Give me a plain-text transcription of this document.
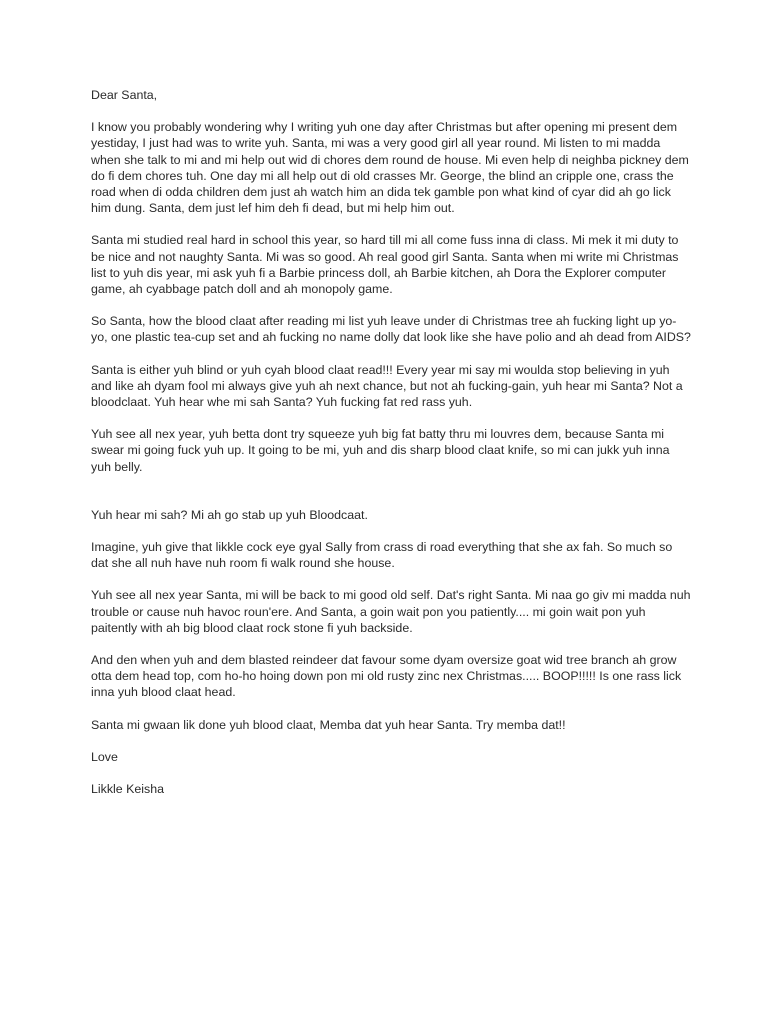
Dear Santa,

I know you probably wondering why I writing yuh one day after Christmas but after opening mi present dem yestiday, I just had was to write yuh. Santa, mi was a very good girl all year round. Mi listen to mi madda when she talk to mi and mi help out wid di chores dem round de house. Mi even help di neighba pickney dem do fi dem chores tuh. One day mi all help out di old crasses Mr. George, the blind an cripple one, crass the road when di odda children dem just ah watch him an dida tek gamble pon what kind of cyar did ah go lick him dung. Santa, dem just lef him deh fi dead, but mi help him out.

Santa mi studied real hard in school this year, so hard till mi all come fuss inna di class. Mi mek it mi duty to be nice and not naughty Santa. Mi was so good. Ah real good girl Santa. Santa when mi write mi Christmas list to yuh dis year, mi ask yuh fi a Barbie princess doll, ah Barbie kitchen, ah Dora the Explorer computer game, ah cyabbage patch doll and ah monopoly game.

So Santa, how the blood claat after reading mi list yuh leave under di Christmas tree ah fucking light up yo-yo, one plastic tea-cup set and ah fucking no name dolly dat look like she have polio and ah dead from AIDS?

Santa is either yuh blind or yuh cyah blood claat read!!! Every year mi say mi woulda stop believing in yuh and like ah dyam fool mi always give yuh ah next chance, but not ah fucking-gain, yuh hear mi Santa? Not a bloodclaat. Yuh hear whe mi sah Santa? Yuh fucking fat red rass yuh.

Yuh see all nex year, yuh betta dont try squeeze yuh big fat batty thru mi louvres dem, because Santa mi swear mi going fuck yuh up. It going to be mi, yuh and dis sharp blood claat knife, so mi can jukk yuh inna yuh belly.

Yuh hear mi sah? Mi ah go stab up yuh Bloodcaat.

Imagine, yuh give that likkle cock eye gyal Sally from crass di road everything that she ax fah. So much so dat she all nuh have nuh room fi walk round she house.

Yuh see all nex year Santa, mi will be back to mi good old self. Dat's right Santa. Mi naa go giv mi madda nuh trouble or cause nuh havoc roun'ere. And Santa, a goin wait pon you patiently.... mi goin wait pon yuh paitently with ah big blood claat rock stone fi yuh backside.

And den when yuh and dem blasted reindeer dat favour some dyam oversize goat wid tree branch ah grow otta dem head top, com ho-ho hoing down pon mi old rusty zinc nex Christmas..... BOOP!!!!! Is one rass lick inna yuh blood claat head.

Santa mi gwaan lik done yuh blood claat, Memba dat yuh hear Santa. Try memba dat!!

Love

Likkle Keisha
